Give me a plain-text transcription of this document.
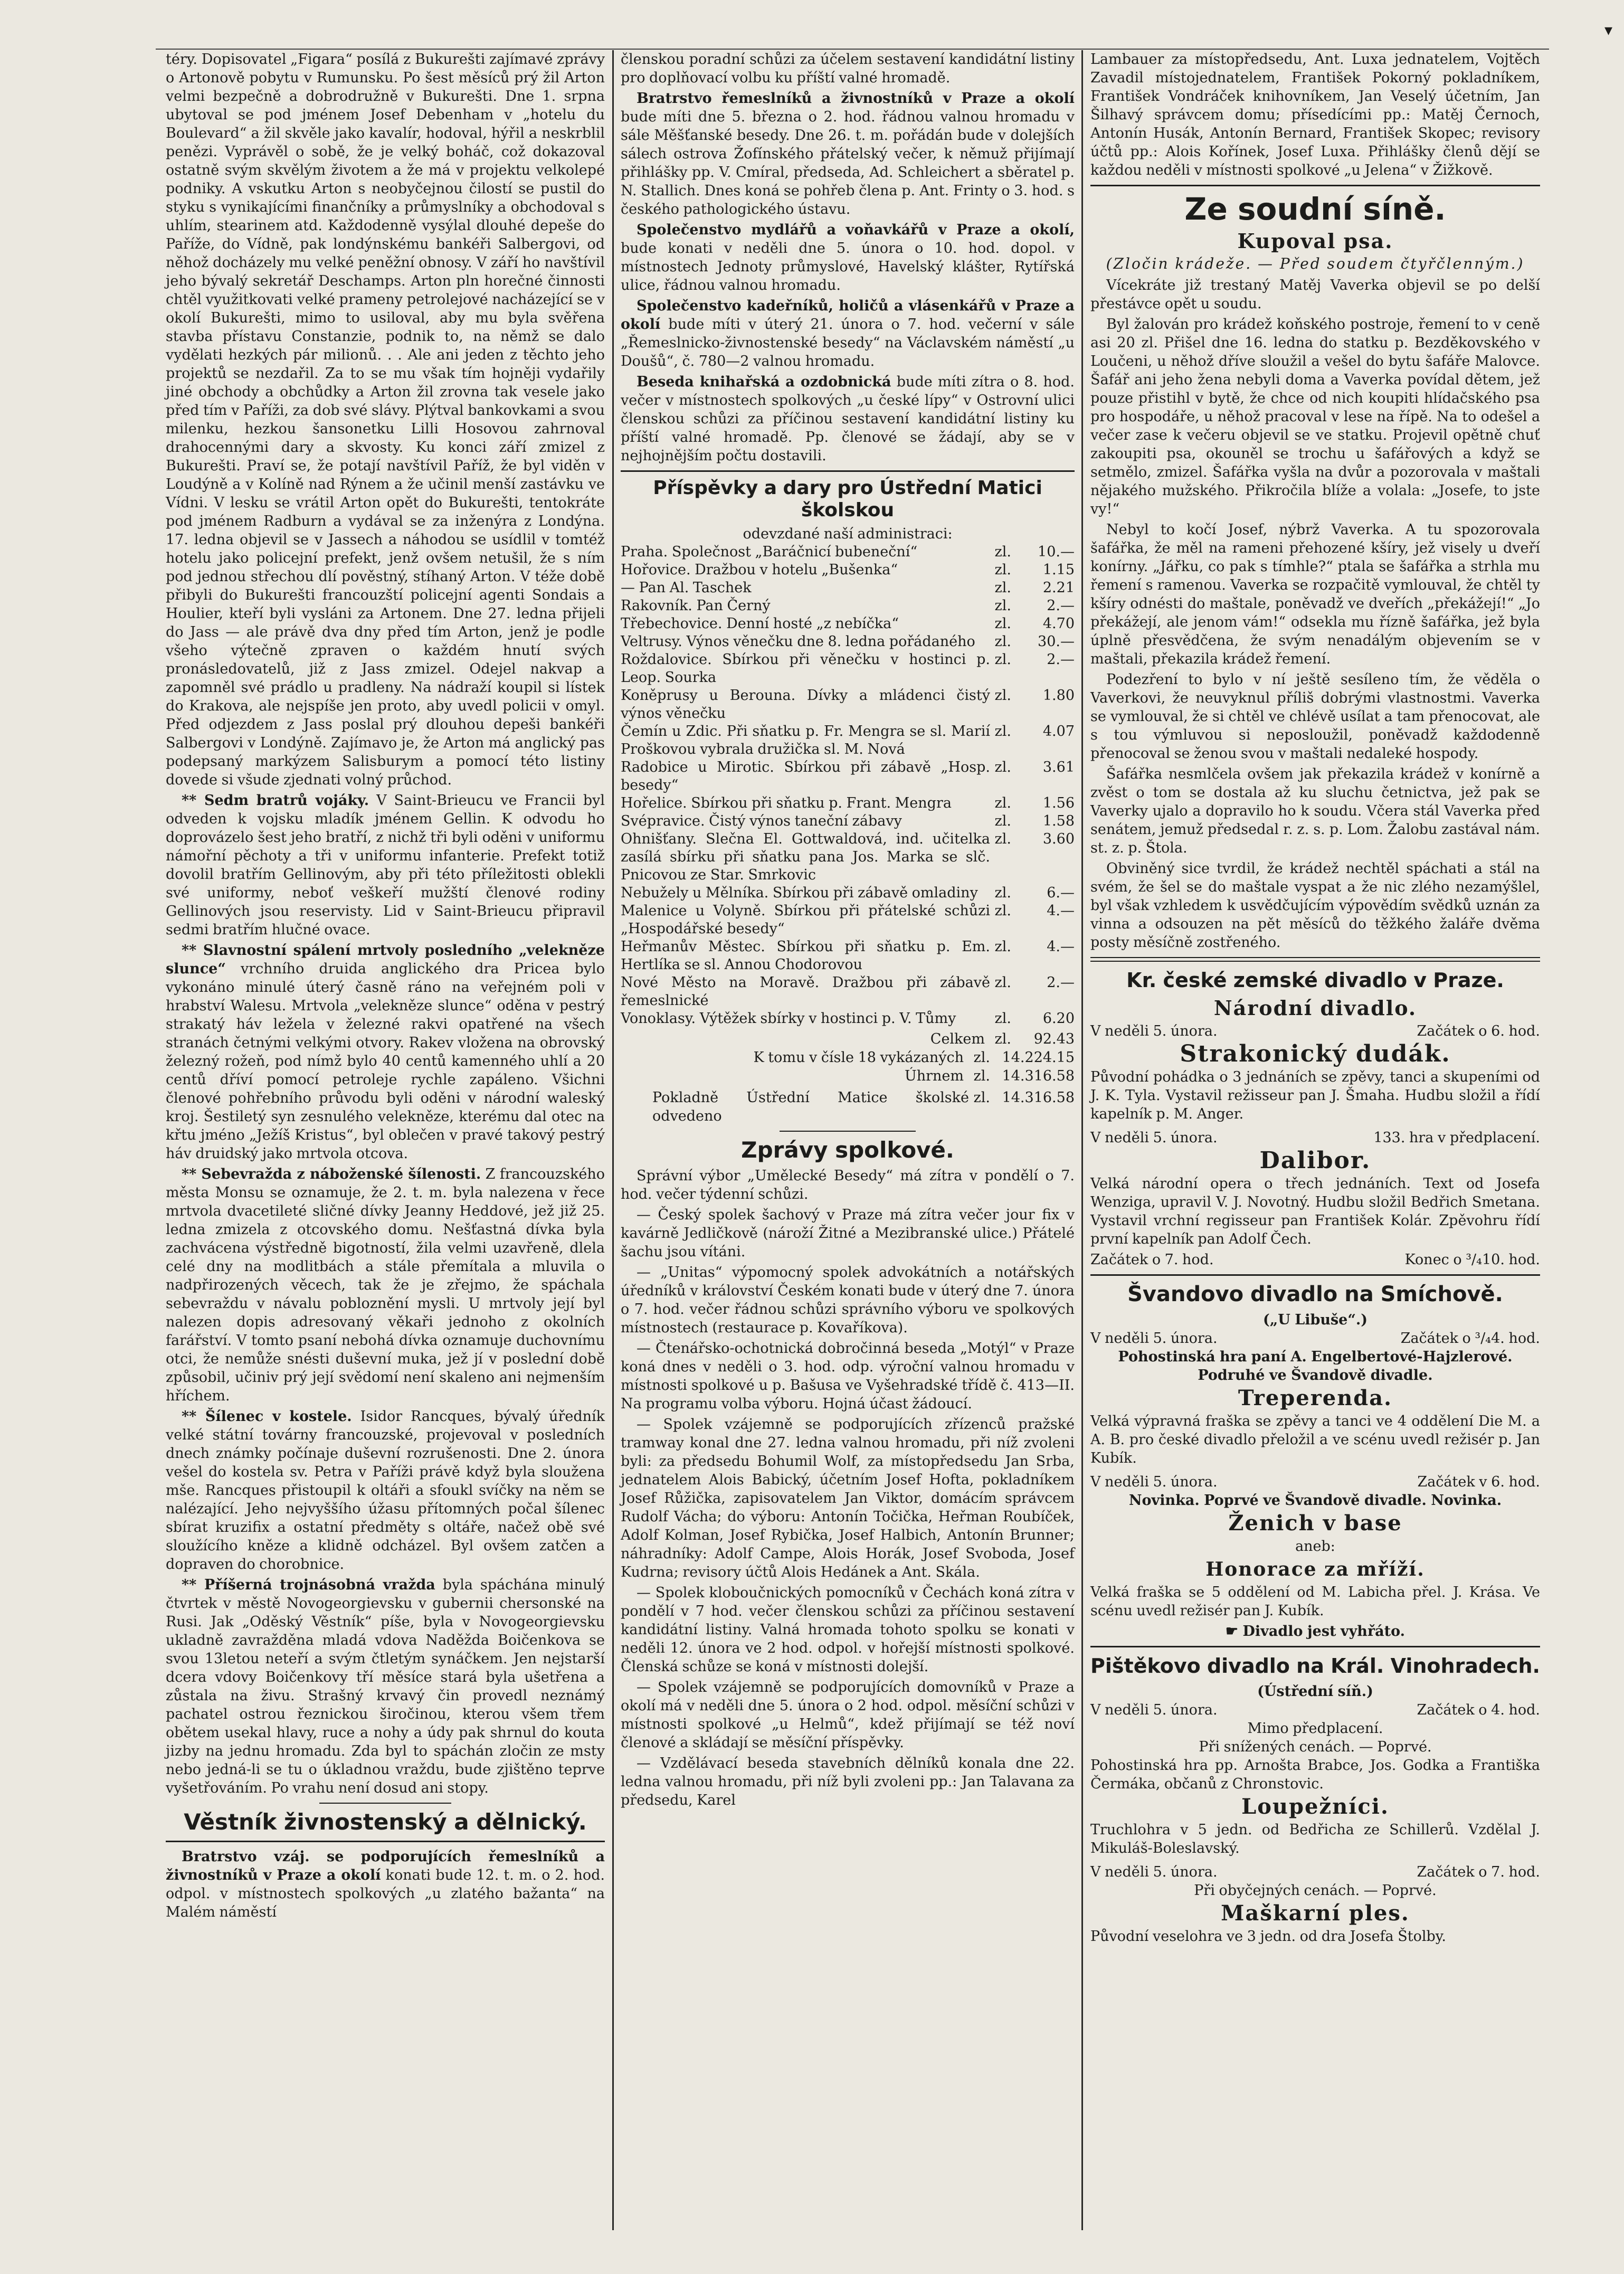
▾

téry. Dopisovatel „Figara“ posílá z Bukurešti zajímavé zprávy o Artonově pobytu v Rumunsku. Po šest měsíců prý žil Arton velmi bezpečně a dobrodružně v Bukurešti. Dne 1. srpna ubytoval se pod jménem Josef Debenham v „hotelu du Boulevard“ a žil skvěle jako kavalír, hodoval, hýřil a neskrblil penězi. Vyprávěl o sobě, že je velký boháč, což dokazoval ostatně svým skvělým životem a že má v projektu velkolepé podniky. A vskutku Arton s neobyčejnou čilostí se pustil do styku s vynikajícími finančníky a průmyslníky a obchodoval s uhlím, stearinem atd. Každodenně vysýlal dlouhé depeše do Paříže, do Vídně, pak londýnskému bankéři Salbergovi, od něhož docházely mu velké peněžní obnosy. V září ho navštívil jeho bývalý sekretář Deschamps. Arton pln horečné činnosti chtěl využitkovati velké prameny petrolejové nacházející se v okolí Bukurešti, mimo to usiloval, aby mu byla svěřena stavba přístavu Constanzie, podnik to, na němž se dalo vydělati hezkých pár milionů. . . Ale ani jeden z těchto jeho projektů se nezdařil. Za to se mu však tím hojněji vydařily jiné obchody a obchůdky a Arton žil zrovna tak vesele jako před tím v Paříži, za dob své slávy. Plýtval bankovkami a svou milenku, hezkou šansonetku Lilli Hosovou zahrnoval drahocennými dary a skvosty. Ku konci září zmizel z Bukurešti. Praví se, že potají navštívil Paříž, že byl viděn v Loudýně a v Kolíně nad Rýnem a že učinil menší zastávku ve Vídni. V lesku se vrátil Arton opět do Bukurešti, tentokráte pod jménem Radburn a vydával se za inženýra z Londýna. 17. ledna objevil se v Jassech a náhodou se usídlil v tomtéž hotelu jako policejní prefekt, jenž ovšem netušil, že s ním pod jednou střechou dlí pověstný, stíhaný Arton. V téže době přibyli do Bukurešti francouzští policejní agenti Sondais a Houlier, kteří byli vysláni za Artonem. Dne 27. ledna přijeli do Jass — ale právě dva dny před tím Arton, jenž je podle všeho výtečně zpraven o každém hnutí svých pronásledovatelů, již z Jass zmizel. Odejel nakvap a zapomněl své prádlo u pradleny. Na nádraží koupil si lístek do Krakova, ale nejspíše jen proto, aby uvedl policii v omyl. Před odjezdem z Jass poslal prý dlouhou depeši bankéři Salbergovi v Londýně. Zajímavo je, že Arton má anglický pas podepsaný markýzem Salisburym a pomocí této listiny dovede si všude zjednati volný průchod.

** Sedm bratrů vojáky. V Saint-Brieucu ve Francii byl odveden k vojsku mladík jménem Gellin. K odvodu ho doprovázelo šest jeho bratří, z nichž tři byli oděni v uniformu námořní pěchoty a tři v uniformu infanterie. Prefekt totiž dovolil bratřím Gellinovým, aby při této příležitosti oblekli své uniformy, neboť veškeří mužští členové rodiny Gellinových jsou reservisty. Lid v Saint-Brieucu připravil sedmi bratřím hlučné ovace.

** Slavnostní spálení mrtvoly posledního „velekněze slunce“ vrchního druida anglického dra Pricea bylo vykonáno minulé úterý časně ráno na veřejném poli v hrabství Walesu. Mrtvola „velekněze slunce“ oděna v pestrý strakatý háv ležela v železné rakvi opatřené na všech stranách četnými velkými otvory. Rakev vložena na obrovský železný rožeň, pod nímž bylo 40 centů kamenného uhlí a 20 centů dříví pomocí petroleje rychle zapáleno. Všichni členové pohřebního průvodu byli oděni v národní waleský kroj. Šestiletý syn zesnulého velekněze, kterému dal otec na křtu jméno „Ježíš Kristus“, byl oblečen v pravé takový pestrý háv druidský jako mrtvola otcova.

** Sebevražda z náboženské šílenosti. Z francouzského města Monsu se oznamuje, že 2. t. m. byla nalezena v řece mrtvola dvacetileté sličné dívky Jeanny Heddové, jež již 25. ledna zmizela z otcovského domu. Nešťastná dívka byla zachvácena výstředně bigotností, žila velmi uzavřeně, dlela celé dny na modlitbách a stále přemítala a mluvila o nadpřirozených věcech, tak že je zřejmo, že spáchala sebevraždu v návalu pobloznění mysli. U mrtvoly její byl nalezen dopis adresovaný věkaři jednoho z okolních farářství. V tomto psaní nebohá dívka oznamuje duchovnímu otci, že nemůže snésti duševní muka, jež jí v poslední době způsobil, učiniv prý její svědomí není skaleno ani nejmenším hříchem.

** Šílenec v kostele. Isidor Rancques, bývalý úředník velké státní továrny francouzské, projevoval v posledních dnech známky počínaje duševní rozrušenosti. Dne 2. února vešel do kostela sv. Petra v Paříži právě když byla sloužena mše. Rancques přistoupil k oltáři a sfoukl svíčky na něm se nalézající. Jeho nejvyššího úžasu přítomných počal šílenec sbírat kruzifix a ostatní předměty s oltáře, načež obě své sloužícího kněze a klidně odcházel. Byl ovšem zatčen a dopraven do chorobnice.

** Příšerná trojnásobná vražda byla spáchána minulý čtvrtek v městě Novogeorgievsku v gubernii chersonské na Rusi. Jak „Oděský Věstník“ píše, byla v Novogeorgievsku ukladně zavražděna mladá vdova Naděžda Boičenkova se svou 13letou neteří a svým čtletým synáčkem. Jen nejstarší dcera vdovy Boičenkovy tří měsíce stará byla ušetřena a zůstala na živu. Strašný krvavý čin provedl neznámý pachatel ostrou řeznickou širočinou, kterou všem třem obětem usekal hlavy, ruce a nohy a údy pak shrnul do kouta jizby na jednu hromadu. Zda byl to spáchán zločin ze msty nebo jedná-li se tu o úkladnou vraždu, bude zjištěno teprve vyšetřováním. Po vrahu není dosud ani stopy.

Věstník živnostenský a dělnický.

Bratrstvo vzáj. se podporujících řemeslníků a živnostníků v Praze a okolí konati bude 12. t. m. o 2. hod. odpol. v místnostech spolkových „u zlatého bažanta“ na Malém náměstí

členskou poradní schůzi za účelem sestavení kandidátní listiny pro doplňovací volbu ku příští valné hromadě.

Bratrstvo řemeslníků a živnostníků v Praze a okolí bude míti dne 5. března o 2. hod. řádnou valnou hromadu v sále Měšťanské besedy. Dne 26. t. m. pořádán bude v dolejších sálech ostrova Žofínského přátelský večer, k němuž přijímají přihlášky pp. V. Cmíral, předseda, Ad. Schleichert a sběratel p. N. Stallich. Dnes koná se pohřeb člena p. Ant. Frinty o 3. hod. s českého pathologického ústavu.

Společenstvo mydlářů a voňavkářů v Praze a okolí, bude konati v neděli dne 5. února o 10. hod. dopol. v místnostech Jednoty průmyslové, Havelský klášter, Rytířská ulice, řádnou valnou hromadu.

Společenstvo kadeřníků, holičů a vlásenkářů v Praze a okolí bude míti v úterý 21. února o 7. hod. večerní v sále „Řemeslnicko-živnostenské besedy“ na Václavském náměstí „u Doušů“, č. 780—2 valnou hromadu.

Beseda knihařská a ozdobnická bude míti zítra o 8. hod. večer v místnostech spolkových „u české lípy“ v Ostrovní ulici členskou schůzi za příčinou sestavení kandidátní listiny ku příští valné hromadě. Pp. členové se žádají, aby se v nejhojnějším počtu dostavili.

Příspěvky a dary pro Ústřední Matici školskou
odevzdané naší administraci:
Praha. Společnost „Baráčnicí bubeneční“	zl.	10.—
Hořovice. Dražbou v hotelu „Bušenka“	zl.	1.15
— Pan Al. Taschek	zl.	2.21
Rakovník. Pan Černý	zl.	2.—
Třebechovice. Denní hosté „z nebíčka“	zl.	4.70
Veltrusy. Výnos věnečku dne 8. ledna pořádaného	zl.	30.—
Roždalovice. Sbírkou při věnečku v hostinci p. Leop. Sourka
zl.	2.—
Koněprusy u Berouna. Dívky a mládenci čistý výnos věnečku
zl.	1.80
Čemín u Zdic. Při sňatku p. Fr. Mengra se sl. Marií Proškovou vybrala družička sl. M. Nová
zl.	4.07
Radobice u Mirotic. Sbírkou při zábavě „Hosp. besedy“
zl.	3.61
Hořelice. Sbírkou při sňatku p. Frant. Mengra	zl.	1.56
Svépravice. Čistý výnos taneční zábavy	zl.	1.58
Ohnišťany. Slečna El. Gottwaldová, ind. učitelka zasílá sbírku při sňatku pana Jos. Marka se slč. Pnicovou ze Star. Smrkovic
zl.	3.60
Nebužely u Mělníka. Sbírkou při zábavě omladiny	zl.	6.—
Malenice u Volyně. Sbírkou při přátelské schůzi „Hospodářské besedy“
zl.	4.—
Heřmanův Městec. Sbírkou při sňatku p. Em. Hertlíka se sl. Annou Chodorovou
zl.	4.—
Nové Město na Moravě. Dražbou při zábavě řemeslnické
zl.	2.—
Vonoklasy. Výtěžek sbírky v hostinci p. V. Tůmy	zl.	6.20
Celkem zl.	92.43
K tomu v čísle 18 vykázaných zl. 14.224.15
Úhrnem zl. 14.316.58
Pokladně Ústřední Matice školské odvedeno
zl. 14.316.58
Zprávy spolkové.

Správní výbor „Umělecké Besedy“ má zítra v pondělí o 7. hod. večer týdenní schůzi.

— Český spolek šachový v Praze má zítra večer jour fix v kavárně Jedličkově (nároží Žitné a Mezibranské ulice.) Přátelé šachu jsou vítáni.

— „Unitas“ výpomocný spolek advokátních a notářských úředníků v království Českém konati bude v úterý dne 7. února o 7. hod. večer řádnou schůzi správního výboru ve spolkových místnostech (restaurace p. Kovaříkova).

— Čtenářsko-ochotnická dobročinná beseda „Motýl“ v Praze koná dnes v neděli o 3. hod. odp. výroční valnou hromadu v místnosti spolkové u p. Bašusa ve Vyšehradské třídě č. 413—II. Na programu volba výboru. Hojná účast žádoucí.

— Spolek vzájemně se podporujících zřízenců pražské tramway konal dne 27. ledna valnou hromadu, při níž zvoleni byli: za předsedu Bohumil Wolf, za místopředsedu Jan Srba, jednatelem Alois Babický, účetním Josef Hofta, pokladníkem Josef Růžička, zapisovatelem Jan Viktor, domácím správcem Rudolf Vácha; do výboru: Antonín Točička, Heřman Roubíček, Adolf Kolman, Josef Rybička, Josef Halbich, Antonín Brunner; náhradníky: Adolf Campe, Alois Horák, Josef Svoboda, Josef Kudrna; revisory účtů Alois Hedánek a Ant. Skála.

— Spolek kloboučnických pomocníků v Čechách koná zítra v pondělí v 7 hod. večer členskou schůzi za příčinou sestavení kandidátní listiny. Valná hromada tohoto spolku se konati v neděli 12. února ve 2 hod. odpol. v hořejší místnosti spolkové. Členská schůze se koná v místnosti dolejší.

— Spolek vzájemně se podporujících domovníků v Praze a okolí má v neděli dne 5. února o 2 hod. odpol. měsíční schůzi v místnosti spolkové „u Helmů“, kdež přijímají se též noví členové a skládají se měsíční příspěvky.

— Vzdělávací beseda stavebních dělníků konala dne 22. ledna valnou hromadu, při níž byli zvoleni pp.: Jan Talavana za předsedu, Karel

Lambauer za místopředsedu, Ant. Luxa jednatelem, Vojtěch Zavadil místojednatelem, František Pokorný pokladníkem, František Vondráček knihovníkem, Jan Veselý účetním, Jan Šilhavý správcem domu; přísedícími pp.: Matěj Černoch, Antonín Husák, Antonín Bernard, František Skopec; revisory účtů pp.: Alois Kořínek, Josef Luxa. Přihlášky členů dějí se každou neděli v místnosti spolkové „u Jelena“ v Žižkově.

Ze soudní síně.
Kupoval psa.
(Zločin krádeže. — Před soudem čtyřčlenným.)

Vícekráte již trestaný Matěj Vaverka objevil se po delší přestávce opět u soudu.

Byl žalován pro krádež koňského postroje, řemení to v ceně asi 20 zl. Přišel dne 16. ledna do statku p. Bezděkovského v Loučeni, u něhož dříve sloužil a vešel do bytu šafáře Malovce. Šafář ani jeho žena nebyli doma a Vaverka povídal dětem, jež pouze přistihl v bytě, že chce od nich koupiti hlídačského psa pro hospodáře, u něhož pracoval v lese na řípě. Na to odešel a večer zase k večeru objevil se ve statku. Projevil opětně chuť zakoupiti psa, okouněl se trochu u šafářových a když se setmělo, zmizel. Šafářka vyšla na dvůr a pozorovala v maštali nějakého mužského. Přikročila blíže a volala: „Josefe, to jste vy!“

Nebyl to kočí Josef, nýbrž Vaverka. A tu spozorovala šafářka, že měl na rameni přehozené kšíry, jež visely u dveří konírny. „Jářku, co pak s tímhle?“ ptala se šafářka a strhla mu řemení s ramenou. Vaverka se rozpačitě vymlouval, že chtěl ty kšíry odnésti do maštale, poněvadž ve dveřích „překážejí!“ „Jo překážejí, ale jenom vám!“ odsekla mu řízně šafářka, jež byla úplně přesvědčena, že svým nenadálým objevením se v maštali, překazila krádež řemení.

Podezření to bylo v ní ještě sesíleno tím, že věděla o Vaverkovi, že neuvyknul příliš dobrými vlastnostmi. Vaverka se vymlouval, že si chtěl ve chlévě usílat a tam přenocovat, ale s tou výmluvou si neposloužil, poněvadž každodenně přenocoval se ženou svou v maštali nedaleké hospody.

Šafářka nesmlčela ovšem jak překazila krádež v konírně a zvěst o tom se dostala až ku sluchu četnictva, jež pak se Vaverky ujalo a dopravilo ho k soudu. Včera stál Vaverka před senátem, jemuž předsedal r. z. s. p. Lom. Žalobu zastával nám. st. z. p. Štola.

Obviněný sice tvrdil, že krádež nechtěl spáchati a stál na svém, že šel se do maštale vyspat a že nic zlého nezamýšlel, byl však vzhledem k usvědčujícím výpovědím svědků uznán za vinna a odsouzen na pět měsíců do těžkého žaláře dvěma posty měsíčně zostřeného.

Kr. české zemské divadlo v Praze.
Národní divadlo.
V neděli 5. února.	Začátek o 6. hod.
Strakonický dudák.

Původní pohádka o 3 jednáních se zpěvy, tanci a skupeními od J. K. Tyla. Vystavil režisseur pan J. Šmaha. Hudbu složil a řídí kapelník p. M. Anger.

V neděli 5. února.	133. hra v předplacení.
Dalibor.

Velká národní opera o třech jednáních. Text od Josefa Wenziga, upravil V. J. Novotný. Hudbu složil Bedřich Smetana. Vystavil vrchní regisseur pan František Kolár. Zpěvohru řídí první kapelník pan Adolf Čech.

Začátek o 7. hod.	Konec o ³/₄10. hod.
Švandovo divadlo na Smíchově.
(„U Libuše“.)
V neděli 5. února.	Začátek o ³/₄4. hod.
Pohostinská hra paní A. Engelbertové-Hajzlerové.
Podruhé ve Švandově divadle.
Treperenda.

Velká výpravná fraška se zpěvy a tanci ve 4 oddělení Die M. a A. B. pro české divadlo přeložil a ve scénu uvedl režisér p. Jan Kubík.

V neděli 5. února.	Začátek v 6. hod.
Novinka. Poprvé ve Švandově divadle. Novinka.
Ženich v base
aneb:
Honorace za mříží.

Velká fraška se 5 oddělení od M. Labicha přel. J. Krása. Ve scénu uvedl režisér pan J. Kubík.

☛ Divadlo jest vyhřáto.
Pištěkovo divadlo na Král. Vinohradech.
(Ústřední síň.)
V neděli 5. února.	Začátek o 4. hod.
Mimo předplacení.
Při snížených cenách. — Poprvé.

Pohostinská hra pp. Arnošta Brabce, Jos. Godka a Františka Čermáka, občanů z Chronstovic.

Loupežníci.

Truchlohra v 5 jedn. od Bedřicha ze Schillerů. Vzdělal J. Mikuláš-Boleslavský.

V neděli 5. února.	Začátek o 7. hod.
Při obyčejných cenách. — Poprvé.
Maškarní ples.

Původní veselohra ve 3 jedn. od dra Josefa Štolby.
